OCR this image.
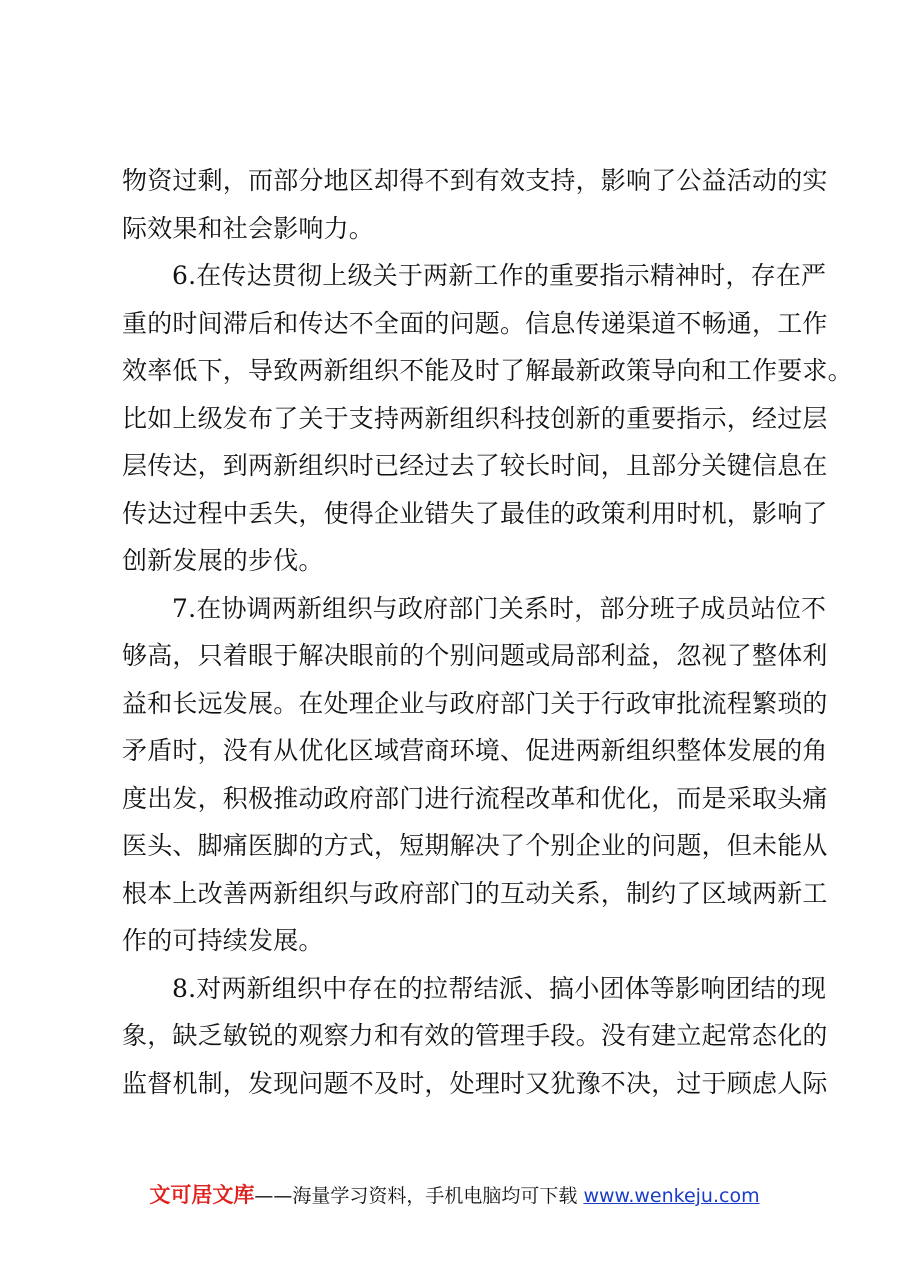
物资过剩，而部分地区却得不到有效支持，影响了公益活动的实
际效果和社会影响力。
6.在传达贯彻上级关于两新工作的重要指示精神时，存在严
重的时间滞后和传达不全面的问题。信息传递渠道不畅通，工作
效率低下，导致两新组织不能及时了解最新政策导向和工作要求。
比如上级发布了关于支持两新组织科技创新的重要指示，经过层
层传达，到两新组织时已经过去了较长时间，且部分关键信息在
传达过程中丢失，使得企业错失了最佳的政策利用时机，影响了
创新发展的步伐。
7.在协调两新组织与政府部门关系时，部分班子成员站位不
够高，只着眼于解决眼前的个别问题或局部利益，忽视了整体利
益和长远发展。在处理企业与政府部门关于行政审批流程繁琐的
矛盾时，没有从优化区域营商环境、促进两新组织整体发展的角
度出发，积极推动政府部门进行流程改革和优化，而是采取头痛
医头、脚痛医脚的方式，短期解决了个别企业的问题，但未能从
根本上改善两新组织与政府部门的互动关系，制约了区域两新工
作的可持续发展。
8.对两新组织中存在的拉帮结派、搞小团体等影响团结的现
象，缺乏敏锐的观察力和有效的管理手段。没有建立起常态化的
监督机制，发现问题不及时，处理时又犹豫不决，过于顾虑人际
文可居文库——海量学习资料，手机电脑均可下载 www.wenkeju.com
